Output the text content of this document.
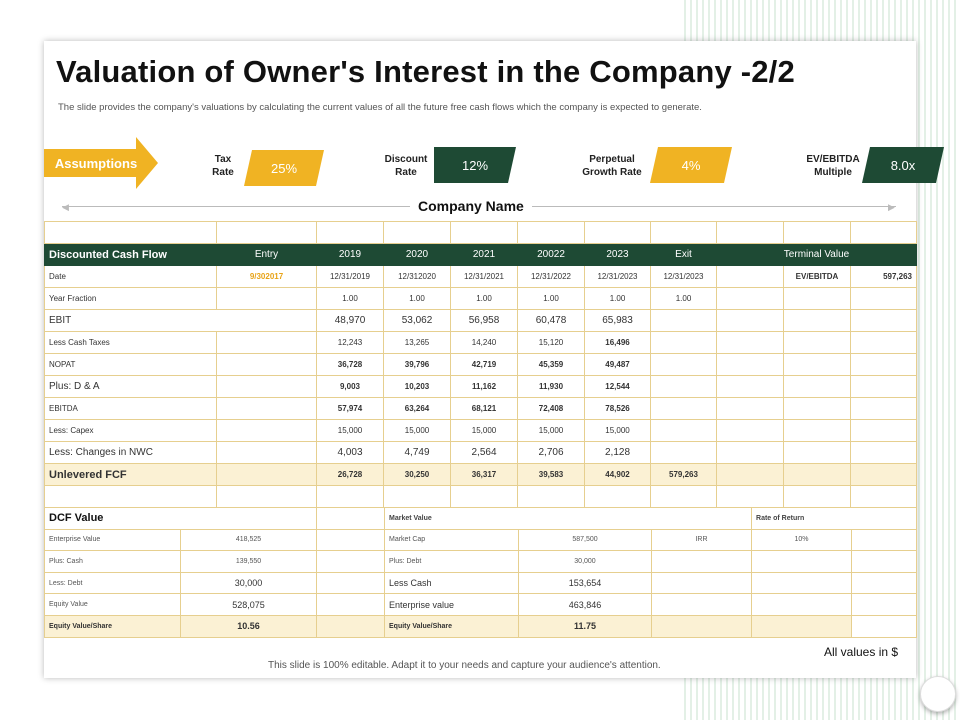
Valuation of Owner's Interest in the Company -2/2
The slide provides the company's valuations by calculating the current values of all the future free cash flows which the company is expected to generate.
Assumptions	Tax
Rate	25%
Discount
Rate	12%	Perpetual
Growth Rate	4%	EV/EBITDA
Multiple	8.0x
◀	▶
Company Name

Discounted Cash Flow	Entry	2019	2020	2021	20022	2023	Exit	Terminal Value		
Date	9/302017	12/31/2019	12/312020	12/31/2021	12/31/2022	12/31/2023	12/31/2023		EV/EBITDA	597,263
Year Fraction		1.00	1.00	1.00	1.00	1.00	1.00			
EBIT		48,970	53,062	56,958	60,478	65,983				
Less Cash Taxes		12,243	13,265	14,240	15,120	16,496				
NOPAT		36,728	39,796	42,719	45,359	49,487				
Plus: D & A		9,003	10,203	11,162	11,930	12,544				
EBITDA		57,974	63,264	68,121	72,408	78,526				
Less: Capex		15,000	15,000	15,000	15,000	15,000				
Less: Changes in NWC		4,003	4,749	2,564	2,706	2,128				
Unlevered FCF		26,728	30,250	36,317	39,583	44,902	579,263			

DCF Value			Market Value			Rate of Return	
Enterprise Value	418,525		Market Cap	587,500	IRR	10%	
Plus: Cash	139,550		Plus: Debt	30,000			
Less: Debt	30,000		Less Cash	153,654			
Equity Value	528,075		Enterprise value	463,846			
Equity Value/Share	10.56		Equity Value/Share	11.75			
All values in $
This slide is 100% editable. Adapt it to your needs and capture your audience's attention.
